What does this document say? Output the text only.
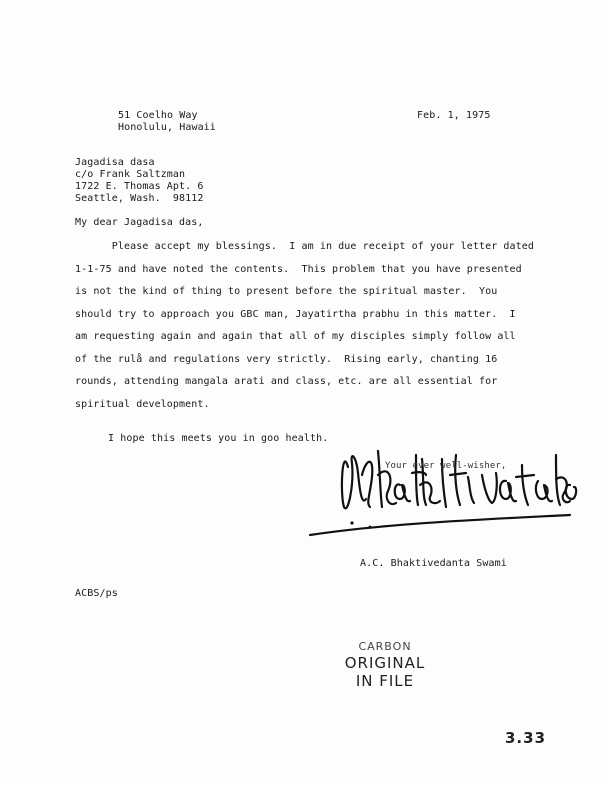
51 Coelho Way
Honolulu, Hawaii
Feb. 1, 1975
Jagadisa dasa
c/o Frank Saltzman
1722 E. Thomas Apt. 6
Seattle, Wash.  98112
My dear Jagadisa das,
Please accept my blessings.  I am in due receipt of your letter dated
1-1-75 and have noted the contents.  This problem that you have presented
is not the kind of thing to present before the spiritual master.  You
should try to approach you GBC man, Jayatirtha prabhu in this matter.  I
am requesting again and again that all of my disciples simply follow all
of the rulå and regulations very strictly.  Rising early, chanting 16
rounds, attending mangala arati and class, etc. are all essential for
spiritual development.
I hope this meets you in goo health.
Your ever well-wisher,
A.C. Bhaktivedanta Swami
ACBS/ps
CARBON
ORIGINAL
IN FILE
3.33
